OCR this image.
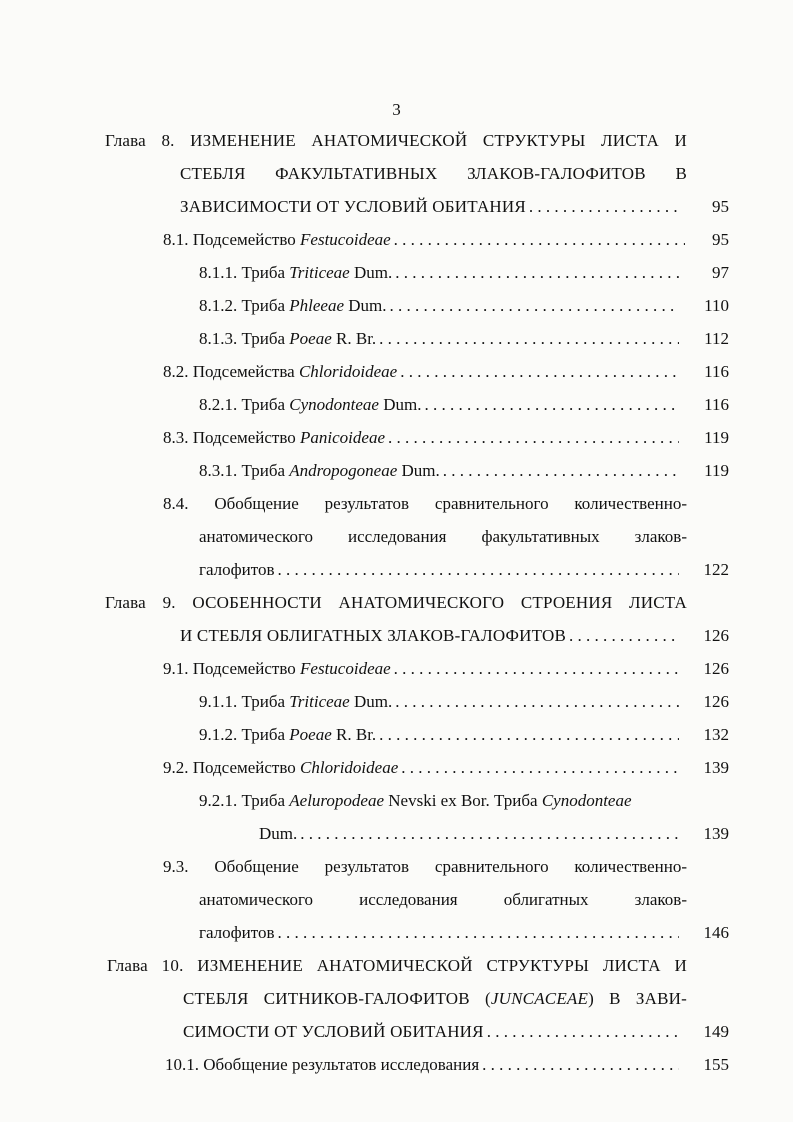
3
Глава 8. ИЗМЕНЕНИЕ АНАТОМИЧЕСКОЙ СТРУКТУРЫ ЛИСТА И
СТЕБЛЯ ФАКУЛЬТАТИВНЫХ ЗЛАКОВ-ГАЛОФИТОВ В
ЗАВИСИМОСТИ ОТ УСЛОВИЙ ОБИТАНИЯ . . .	95
8.1. Подсемейство Festucoideae . . .	95
8.1.1. Триба Triticeae Dum. . . .	97
8.1.2. Триба Phleeae Dum. . . .	110
8.1.3. Триба Poeae R. Br. . . .	112
8.2. Подсемейства Chloridoideae . . .	116
8.2.1. Триба Cynodonteae Dum. . . .	116
8.3. Подсемейство Panicoideae . . .	119
8.3.1. Триба Andropogoneae Dum. . . .	119
8.4. Обобщение результатов сравнительного количественно-
анатомического исследования факультативных злаков-
галофитов . . .	122
Глава 9. ОСОБЕННОСТИ АНАТОМИЧЕСКОГО СТРОЕНИЯ ЛИСТА
И СТЕБЛЯ ОБЛИГАТНЫХ ЗЛАКОВ-ГАЛОФИТОВ . . .	126
9.1. Подсемейство Festucoideae . . .	126
9.1.1. Триба Triticeae Dum. . . .	126
9.1.2. Триба Poeae R. Br. . . .	132
9.2. Подсемейство Chloridoideae . . .	139
9.2.1. Триба Aeluropodeae Nevski ex Bor. Триба Cynodonteae
Dum. . . .	139
9.3. Обобщение результатов сравнительного количественно-
анатомического исследования облигатных злаков-
галофитов . . .	146
Глава 10. ИЗМЕНЕНИЕ АНАТОМИЧЕСКОЙ СТРУКТУРЫ ЛИСТА И
СТЕБЛЯ СИТНИКОВ-ГАЛОФИТОВ (JUNCACEAE) В ЗАВИ-
СИМОСТИ ОТ УСЛОВИЙ ОБИТАНИЯ . . .	149
10.1. Обобщение результатов исследования . . .	155
